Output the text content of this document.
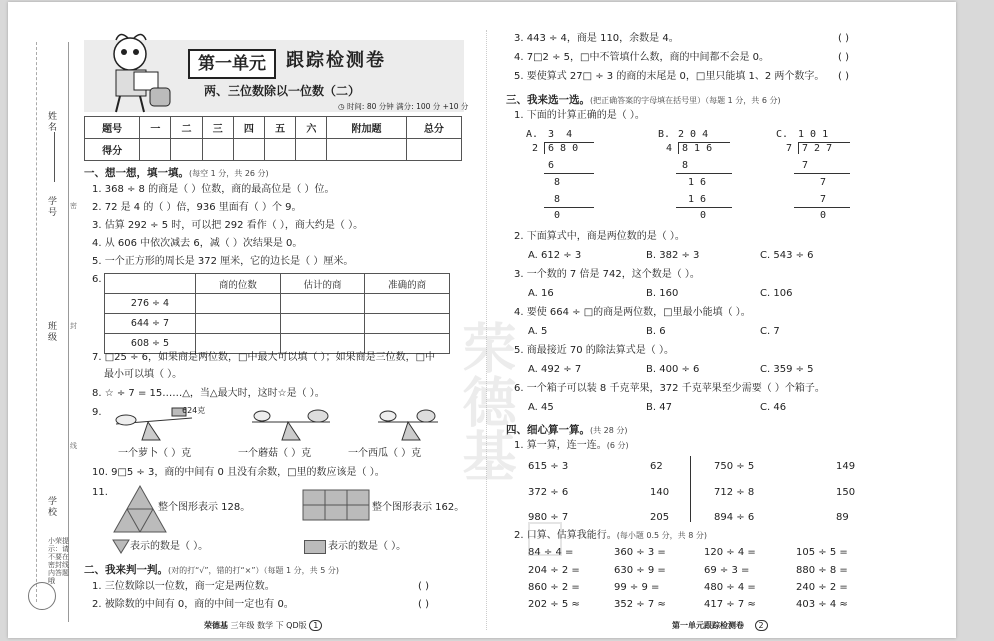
姓名
学号
班级
学校
密
封
线
小荣提示：请不要在密封线内答题哦
第一单元	跟踪检测卷
两、三位数除以一位数（二）
◷ 时间: 80 分钟 满分: 100 分 +10 分
题号	一	二	三	四	五	六	附加题	总分
得分								
一、想一想，填一填。(每空 1 分，共 26 分)
1. 368 ÷ 8 的商是（ ）位数，商的最高位是（ ）位。
2. 72 是 4 的（ ）倍，936 里面有（ ）个 9。
3. 估算 292 ÷ 5 时，可以把 292 看作（ ），商大约是（ ）。
4. 从 606 中依次减去 6，减（ ）次结果是 0。
5. 一个正方形的周长是 372 厘米，它的边长是（ ）厘米。
6.
		商的位数	估计的商	准确的商
276 ÷ 4			
644 ÷ 7			
608 ÷ 5			
7. □25 ÷ 6，如果商是两位数，□中最大可以填（ ）；如果商是三位数，□中
最小可以填（ ）。
8. ☆ ÷ 7 = 15……△，当△最大时，这时☆是（ ）。
9.	624克
一个萝卜（ ）克	一个蘑菇（ ）克	一个西瓜（ ）克
10. 9□5 ÷ 3，商的中间有 0 且没有余数，□里的数应该是（ ）。
11.
整个图形表示 128。	整个图形表示 162。
表示的数是（ ）。	表示的数是（ ）。
二、我来判一判。(对的打“√”，错的打“×”）（每题 1 分，共 5 分)
1. 三位数除以一位数，商一定是两位数。	( )
2. 被除数的中间有 0，商的中间一定也有 0。	( )
荣德基 三年级 数学 下 QD版 1
3. 443 ÷ 4，商是 110，余数是 4。	( )
4. 7□2 ÷ 5，□中不管填什么数，商的中间都不会是 0。	( )
5. 要使算式 27□ ÷ 3 的商的末尾是 0，□里只能填 1、2 两个数字。 ( )
三、我来选一选。(把正确答案的字母填在括号里）（每题 1 分，共 6 分)
1. 下面的计算正确的是（ ）。
A. 3  4
2 6 8 0
6
8
8
0
B. 2 0 4
4 8 1 6
8
1 6
1 6
0
C. 1 0 1
7 7 2 7
7
7
7
0
2. 下面算式中，商是两位数的是（ ）。
A. 612 ÷ 3	B. 382 ÷ 3	C. 543 ÷ 6
3. 一个数的 7 倍是 742，这个数是（ ）。
A. 16	B. 160	C. 106
4. 要使 664 ÷ □的商是两位数，□里最小能填（ ）。
A. 5	B. 6	C. 7
5. 商最接近 70 的除法算式是（ ）。
A. 492 ÷ 7	B. 400 ÷ 6	C. 359 ÷ 5
6. 一个箱子可以装 8 千克苹果，372 千克苹果至少需要（ ）个箱子。
A. 45	B. 47	C. 46
四、细心算一算。(共 28 分)
1. 算一算，连一连。(6 分)
615 ÷ 3
372 ÷ 6
980 ÷ 7
62
140
205
750 ÷ 5
712 ÷ 8
894 ÷ 6
149
150
89
2. 口算、估算我能行。(每小题 0.5 分，共 8 分)
84 ÷ 4 =	360 ÷ 3 =	120 ÷ 4 =	105 ÷ 5 =
204 ÷ 2 =	630 ÷ 9 =	69 ÷ 3 =	880 ÷ 8 =
860 ÷ 2 =	99 ÷ 9 =	480 ÷ 4 =	240 ÷ 2 =
202 ÷ 5 ≈	352 ÷ 7 ≈	417 ÷ 7 ≈	403 ÷ 4 ≈
第一单元跟踪检测卷 2
荣德基
